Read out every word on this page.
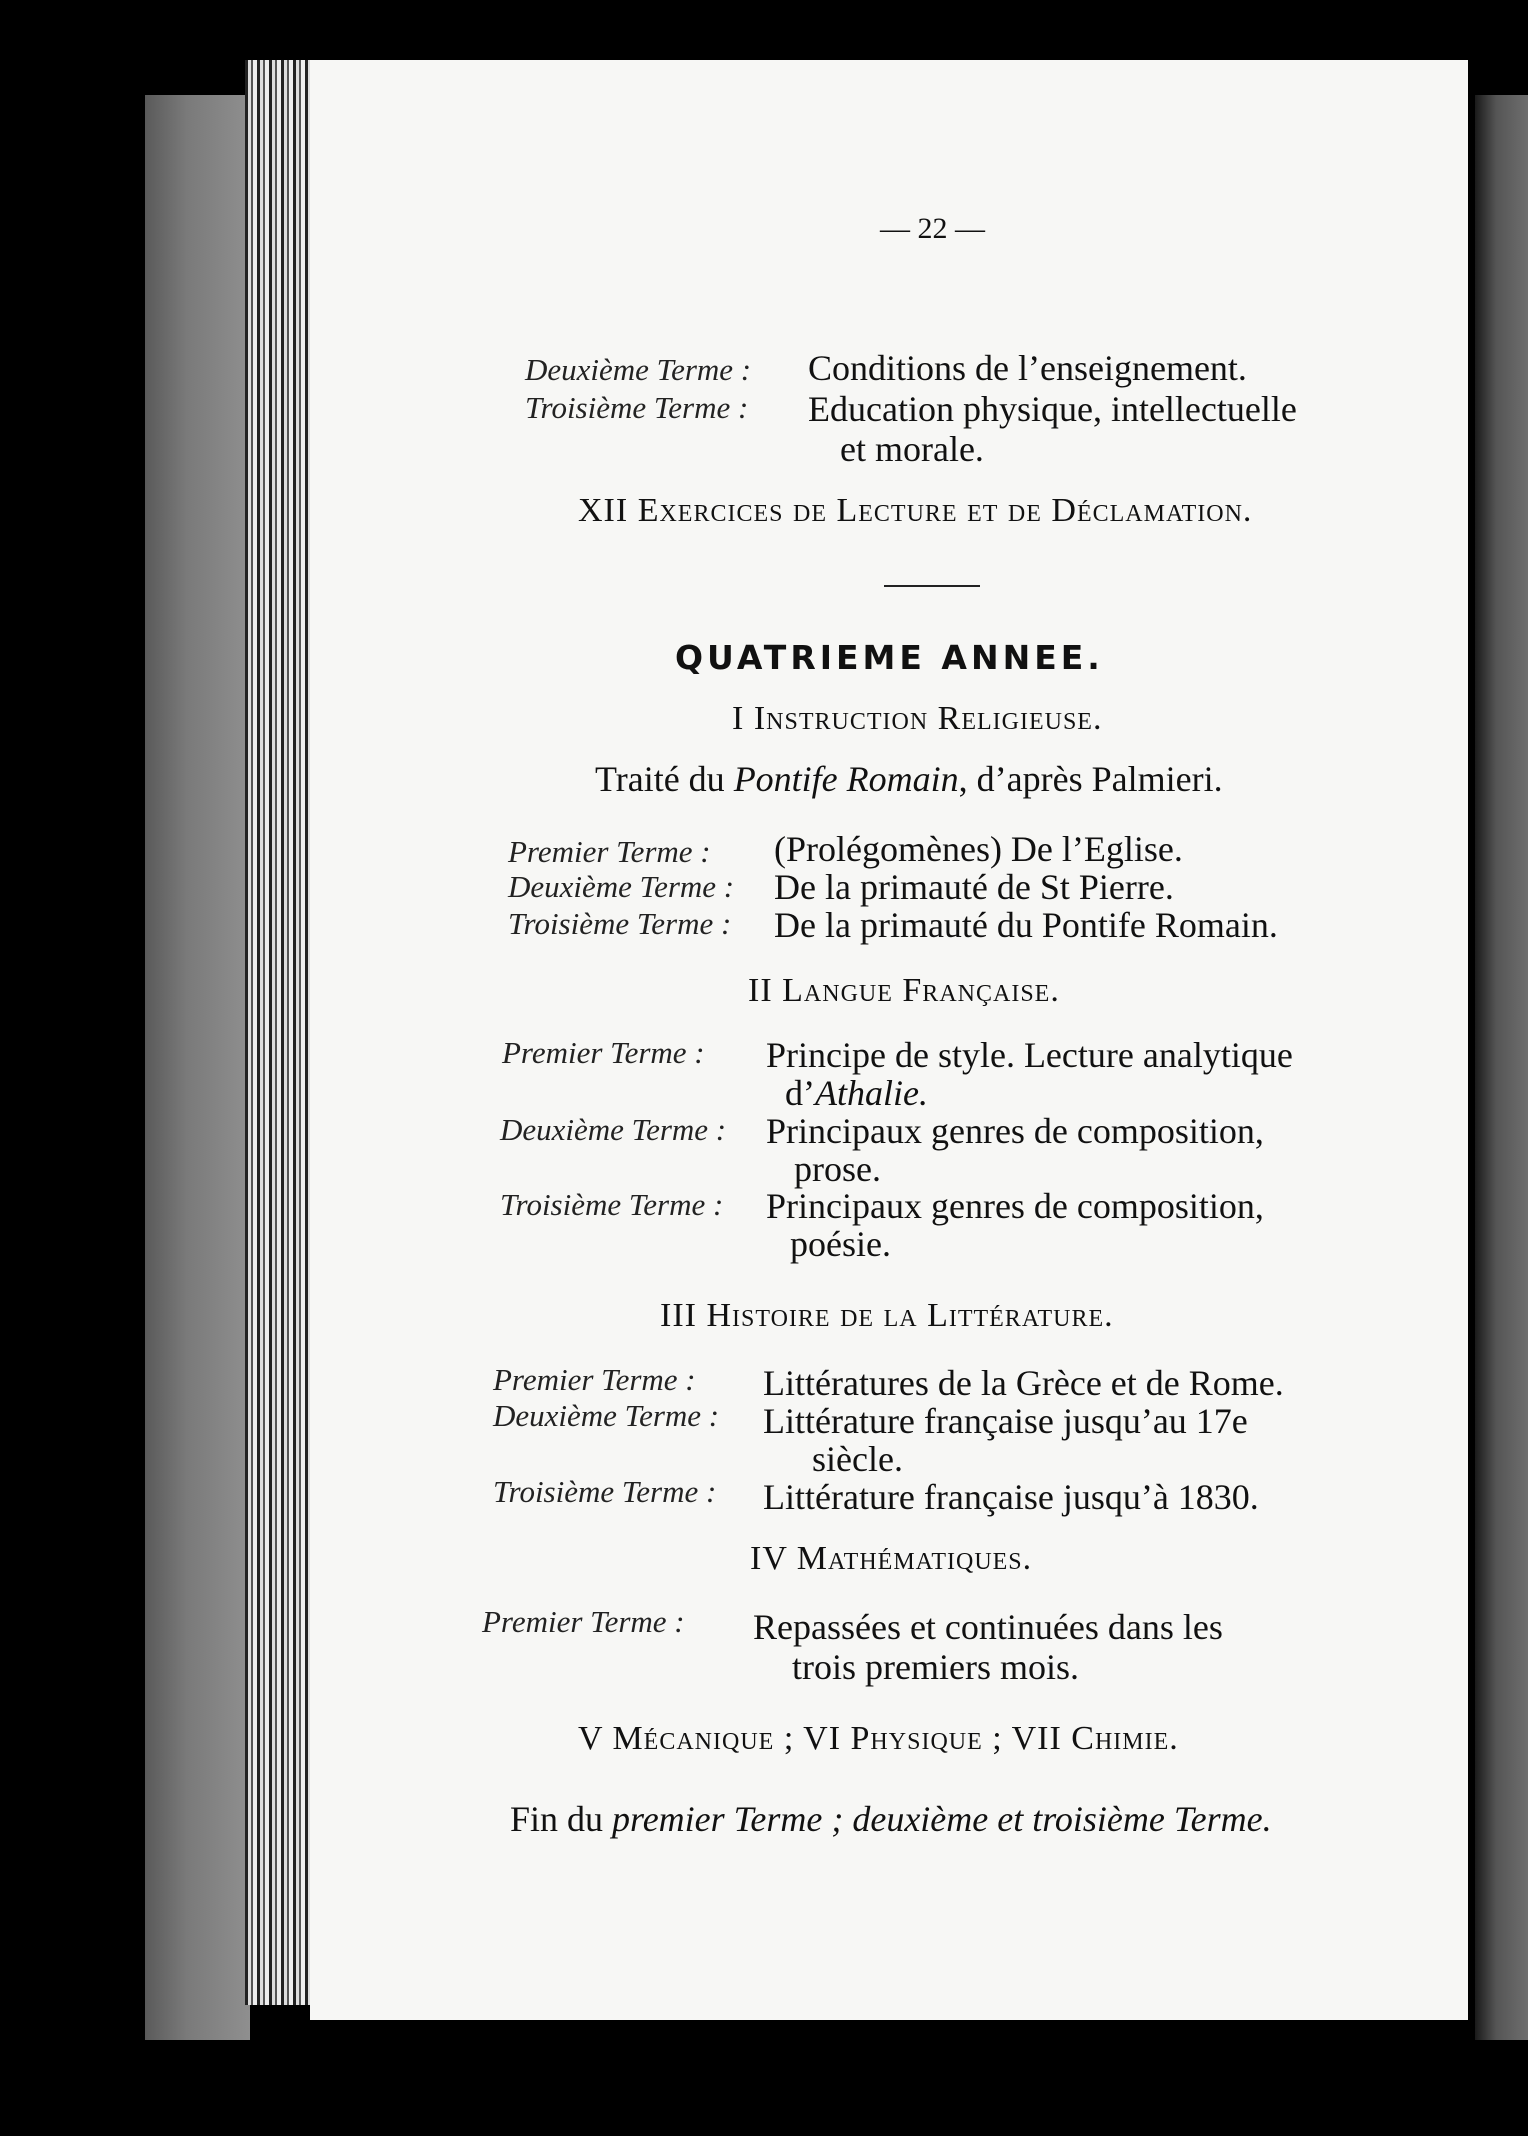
— 22 —
Deuxième Terme : Conditions de l’enseignement.
Troisième Terme : Education physique, intellectuelle
et morale.
XII Exercices de Lecture et de Déclamation.
QUATRIEME ANNEE.
I Instruction Religieuse.
Traité du Pontife Romain, d’après Palmieri.
Premier Terme : (Prolégomènes) De l’Eglise.
Deuxième Terme : De la primauté de St Pierre.
Troisième Terme : De la primauté du Pontife Romain.
II Langue Française.
Premier Terme : Principe de style. Lecture analytique
d’Athalie.
Deuxième Terme : Principaux genres de composition,
prose.
Troisième Terme : Principaux genres de composition,
poésie.
III Histoire de la Littérature.
Premier Terme : Littératures de la Grèce et de Rome.
Deuxième Terme : Littérature française jusqu’au 17e
siècle.
Troisième Terme : Littérature française jusqu’à 1830.
IV Mathématiques.
Premier Terme : Repassées et continuées dans les
trois premiers mois.
V Mécanique ; VI Physique ; VII Chimie.
Fin du premier Terme ; deuxième et troisième Terme.
